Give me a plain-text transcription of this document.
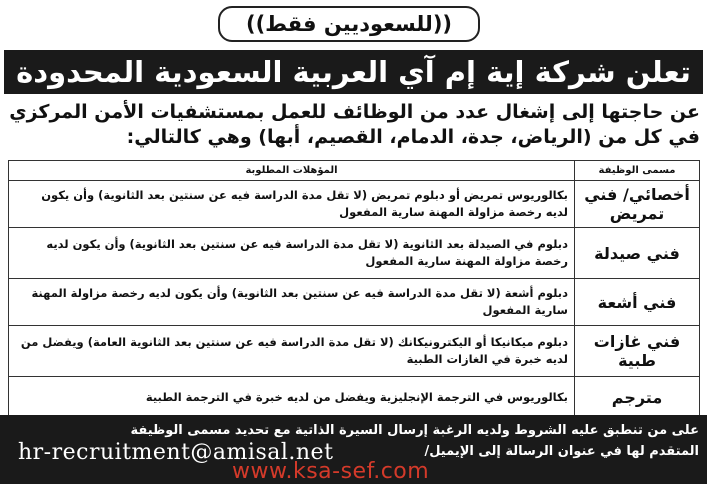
((للسعوديين فقط))
تعلن شركة إية إم آي العربية السعودية المحدودة
عن حاجتها إلى إشغال عدد من الوظائف للعمل بمستشفيات الأمن المركزي
في كل من (الرياض، جدة، الدمام، القصيم، أبها) وهي كالتالي:
مسمى الوظيفة	المؤهلات المطلوبة
أخصائي/ فني تمريض	بكالوريوس تمريض أو دبلوم تمريض (لا تقل مدة الدراسة فيه عن سنتين بعد الثانوية) وأن يكون لديه رخصة مزاولة المهنة سارية المفعول
فني صيدلة	دبلوم في الصيدلة بعد الثانوية (لا تقل مدة الدراسة فيه عن سنتين بعد الثانوية) وأن يكون لديه رخصة مزاولة المهنة سارية المفعول
فني أشعة	دبلوم أشعة (لا تقل مدة الدراسة فيه عن سنتين بعد الثانوية) وأن يكون لديه رخصة مزاولة المهنة سارية المفعول
فني غازات طبية	دبلوم ميكانيكا أو اليكترونيكانك (لا تقل مدة الدراسة فيه عن سنتين بعد الثانوية العامة) ويفضل من لديه خبرة في الغازات الطبية
مترجم	بكالوريوس في الترجمة الإنجليزية ويفضل من لديه خبرة في الترجمة الطبية
على من تنطبق عليه الشروط ولديه الرغبة إرسال السيرة الذاتية مع تحديد مسمى الوظيفة
المتقدم لها في عنوان الرسالة إلى الإيميل/
hr-recruitment@amisal.net
www.ksa-sef.com
